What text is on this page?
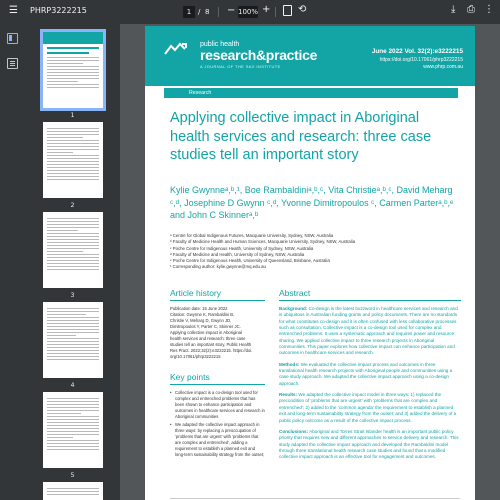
☰ PHRP3222215	1 / 8 − 100% +	⟲	⤓ ⎙ ⋮
1
2
3
4
5
public health
research&practice
A JOURNAL OF THE SAX INSTITUTE
June 2022 Vol. 32(2):e3222215
https://doi.org/10.17061/phrp3222215
www.phrp.com.au
Research
Applying collective impact in Aboriginal health services and research: three case studies tell an important story
Kylie Gwynneᵃ,ᵇ,¹, Boe Rambaldiniᵃ,ᵇ,ᶜ, Vita Christieᵃ,ᵇ,ᶜ, David Meharg ᶜ,ᵈ, Josephine D Gwynn ᶜ,ᵈ, Yvonne Dimitropoulos ᶜ, Carmen Parterᵃ,ᵇ,ᵉ and John C Skinnerᵃ,ᵇ
ᵃ Centre for Global Indigenous Futures, Macquarie University, Sydney, NSW, Australia
ᵇ Faculty of Medicine Health and Human Sciences, Macquarie University, Sydney, NSW, Australia
ᶜ Poche Centre for Indigenous Health, University of Sydney, NSW, Australia
ᵈ Faculty of Medicine and Health, University of Sydney, NSW, Australia
ᵉ Poche Centre for Indigenous Health, University of Queensland, Brisbane, Australia
¹ Corresponding author: kylie.gwynne@mq.edu.au
Article history
Publication date: 15 June 2022
Citation: Gwynne K, Rambaldini B,
Christie V, Meharg D, Gwynn JD,
Dimitropoulos Y, Parter C, Skinner JC.
Applying collective impact in Aboriginal
health services and research: three case
studies tell an important story. Public Health
Res Pract. 2022;32(2):e3222215. https://doi.
org/10.17061/phrp3222215
Key points
• Collective impact is a co-design tool used for complex and entrenched problems that has been shown to enhance participation and outcomes in healthcare services and research in Aboriginal communities
• We adapted the collective impact approach in three ways: by replacing a preoccupation of ‘problems that are urgent’ with ‘problems that are complex and entrenched’, adding a requirement to establish a planned exit and long-term sustainability strategy from the outset;
Abstract
Background: Co-design is the latest buzzword in healthcare services and research and is ubiquitous in Australian funding grants and policy documents. There are no standards for what constitutes co-design and it is often confused with less collaborative processes such as consultation. Collective impact is a co-design tool used for complex and entrenched problems. It uses a systematic approach and requires power and resource sharing. We applied collective impact to three research projects in Aboriginal communities. This paper explores how collective impact can enhance participation and outcomes in healthcare services and research.
Methods: We evaluated the collective impact process and outcomes in three translational health research projects with Aboriginal people and communities using a case study approach. We adapted the collective impact approach using a co-design approach.
Results: We adapted the collective impact model in three ways: 1) replaced the precondition of ‘problems that are urgent’ with ‘problems that are complex and entrenched’; 2) added to the ‘common agenda’ the requirement to establish a planned exit and long-term sustainability strategy from the outset; and 3) added the delivery of a public policy outcome as a result of the collective impact process.
Conclusions: Aboriginal and Torres Strait Islander health is an important public policy priority that requires new and different approaches to service delivery and research. This study adapted the collective impact approach and developed the Rambaldini model through three translational health research case studies and found that a modified collective impact approach is an effective tool for engagement and outcomes.
